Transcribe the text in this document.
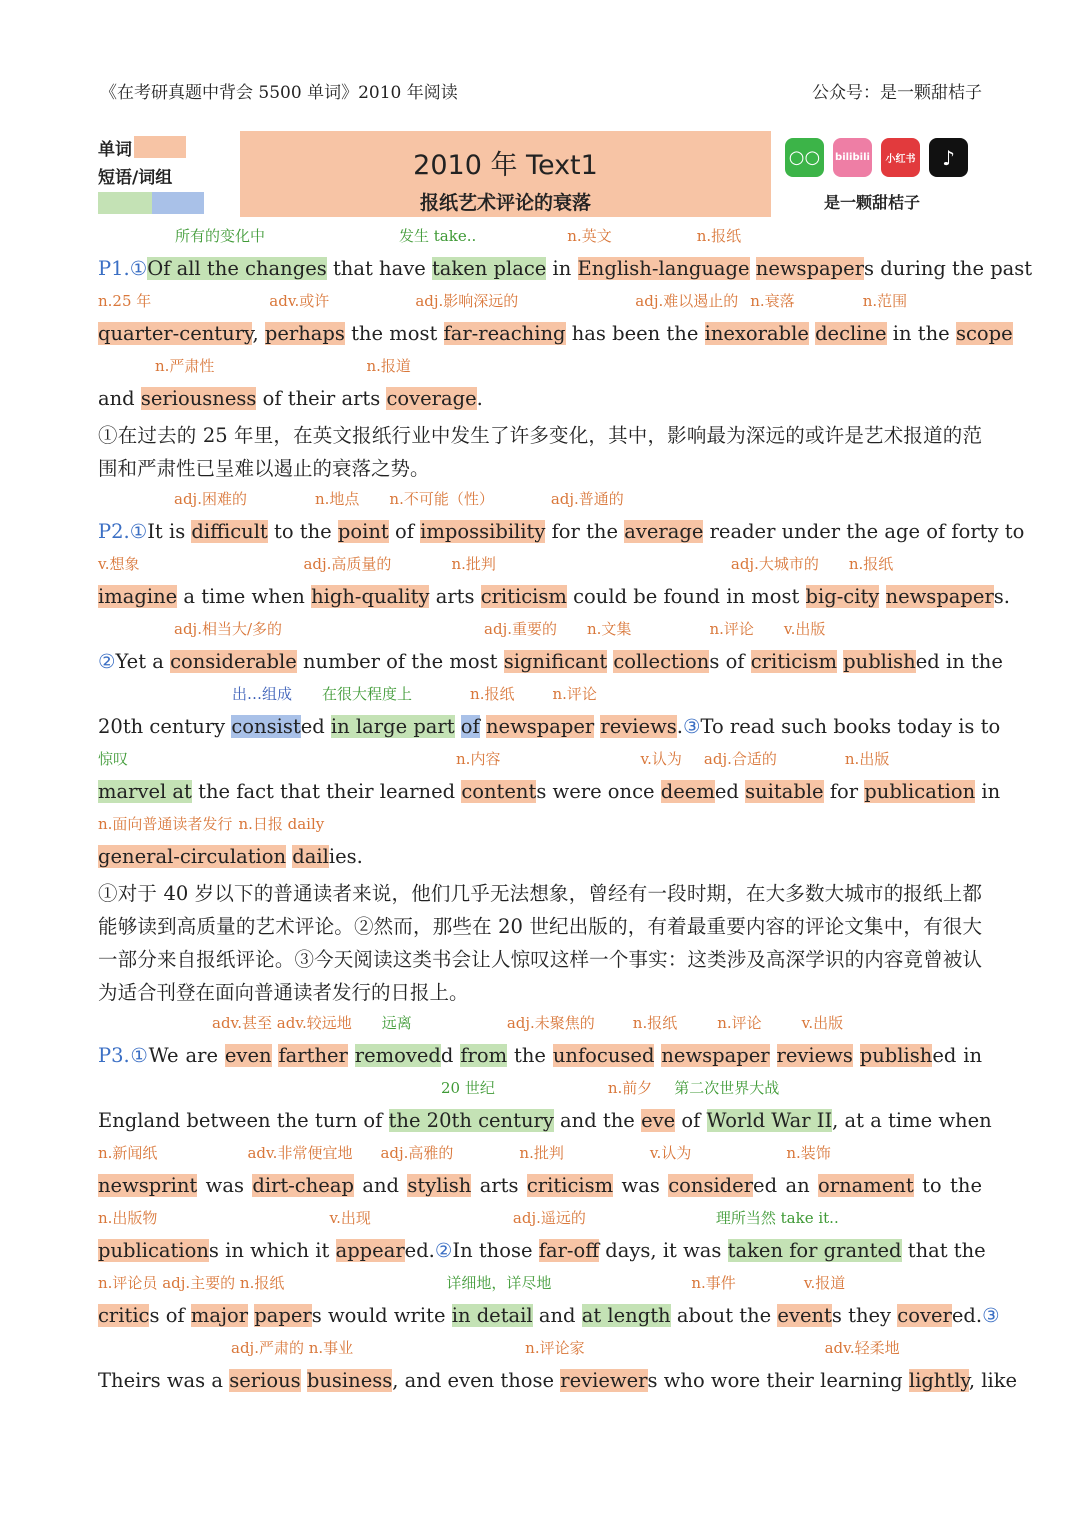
《在考研真题中背会 5500 单词》2010 年阅读	公众号：是一颗甜桔子
单词
短语/词组	2010 年 Text1
报纸艺术评论的衰落
○○	bilibili	小红书	♪
是一颗甜桔子
所有的变化中	发生 take..	n.英文	n.报纸
P1.①Of all the changes that have taken place in English-language newspapers during the past
n.25 年	adv.或许	adj.影响深远的	adj.难以遏止的 n.衰落	n.范围
quarter-century, perhaps the most far-reaching has been the inexorable decline in the scope
n.严肃性	n.报道
and seriousness of their arts coverage.
①在过去的 25 年里，在英文报纸行业中发生了许多变化，其中，影响最为深远的或许是艺术报道的范围和严肃性已呈难以遏止的衰落之势。
adj.困难的	n.地点 n.不可能（性）	adj.普通的
P2.①It is difficult to the point of impossibility for the average reader under the age of forty to
v.想象	adj.高质量的	n.批判	adj.大城市的 n.报纸
imagine a time when high-quality arts criticism could be found in most big-city newspapers.
adj.相当大/多的	adj.重要的 n.文集	n.评论 v.出版
②Yet a considerable number of the most significant collections of criticism published in the
出…组成 在很大程度上	n.报纸	n.评论
20th century consisted in large part of newspaper reviews.③To read such books today is to
惊叹	n.内容	v.认为 adj.合适的	n.出版
marvel at the fact that their learned contents were once deemed suitable for publication in
n.面向普通读者发行 n.日报 daily
general-circulation dailies.
①对于 40 岁以下的普通读者来说，他们几乎无法想象，曾经有一段时期，在大多数大城市的报纸上都能够读到高质量的艺术评论。②然而，那些在 20 世纪出版的，有着最重要内容的评论文集中，有很大一部分来自报纸评论。③今天阅读这类书会让人惊叹这样一个事实：这类涉及高深学识的内容竟曾被认为适合刊登在面向普通读者发行的日报上。
adv.甚至 adv.较远地 远离	adj.未聚焦的	n.报纸	n.评论	v.出版
P3.①We are even farther removedd from the unfocused newspaper reviews published in
20 世纪	n.前夕 第二次世界大战
England between the turn of the 20th century and the eve of World War II, at a time when
n.新闻纸	adv.非常便宜地 adj.高雅的	n.批判	v.认为	n.装饰
newsprint was dirt-cheap and stylish arts criticism was considered an ornament to the
n.出版物	v.出现	adj.遥远的	理所当然 take it..
publications in which it appeared.②In those far-off days, it was taken for granted that the
n.评论员 adj.主要的 n.报纸	详细地，详尽地	n.事件	v.报道
critics of major papers would write in detail and at length about the events they covered.③
adj.严肃的 n.事业	n.评论家	adv.轻柔地
Theirs was a serious business, and even those reviewers who wore their learning lightly, like
